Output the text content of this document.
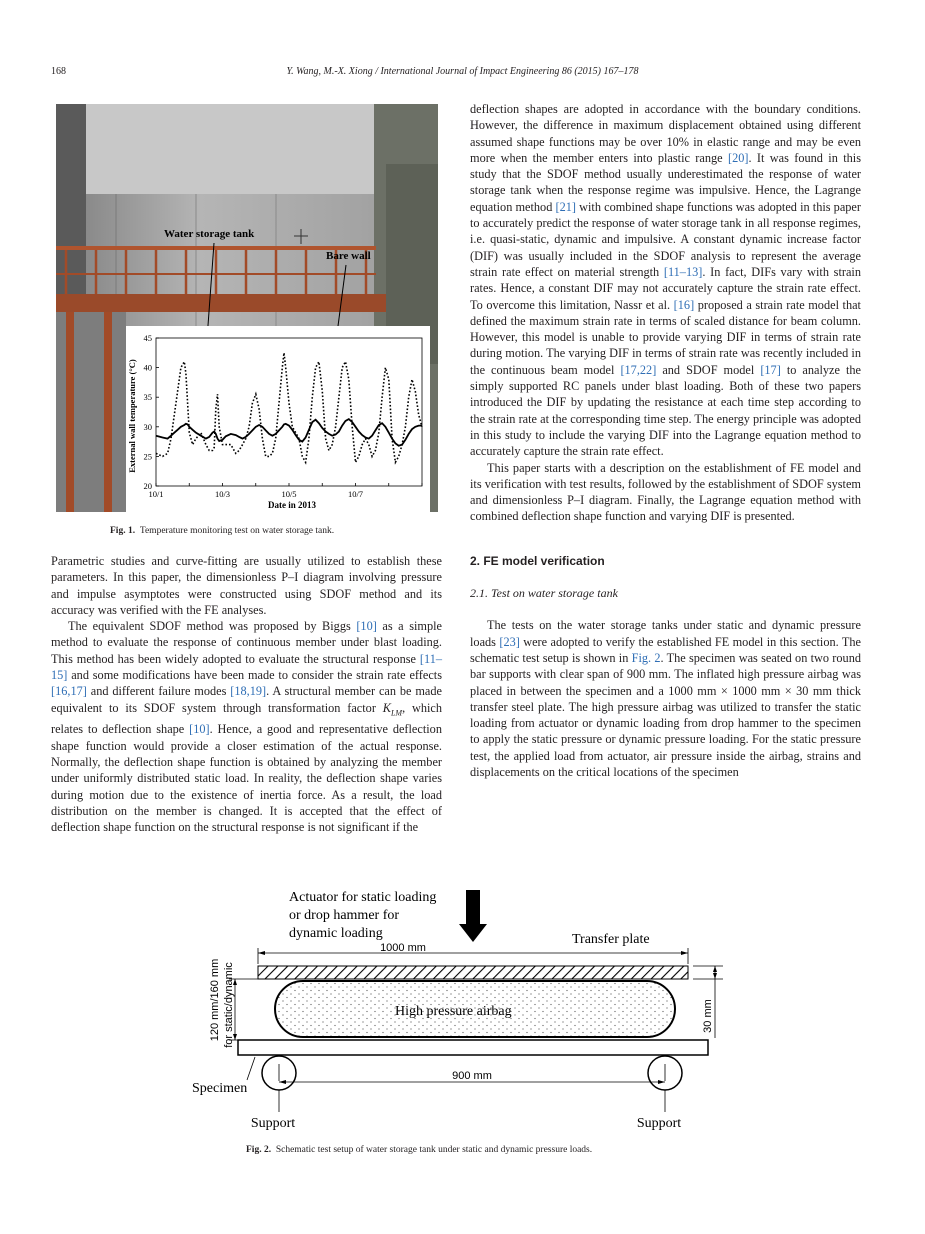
168	Y. Wang, M.-X. Xiong / International Journal of Impact Engineering 86 (2015) 167–178
Water storage tank
Bare wall
External wall temperature (°C)
Date in 2013
20
25
30
35
40
45
10/1	10/3	10/5	10/7
Fig. 1. Temperature monitoring test on water storage tank.

Parametric studies and curve-fitting are usually utilized to establish these parameters. In this paper, the dimensionless P–I diagram involving pressure and impulse asymptotes were constructed using SDOF method and its accuracy was verified with the FE analyses.

The equivalent SDOF method was proposed by Biggs [10] as a simple method to evaluate the response of continuous member under blast loading. This method has been widely adopted to evaluate the structural response [11–15] and some modifications have been made to consider the strain rate effects [16,17] and different failure modes [18,19]. A structural member can be made equivalent to its SDOF system through transformation factor $K_{LM}$, which relates to deflection shape [10]. Hence, a good and representative deflection shape function would provide a closer estimation of the actual response. Normally, the deflection shape function is obtained by analyzing the member under uniformly distributed static load. In reality, the deflection shape varies during motion due to the existence of inertia force. As a result, the load distribution on the member is changed. It is accepted that the effect of deflection shape function on the structural response is not significant if the

deflection shapes are adopted in accordance with the boundary conditions. However, the difference in maximum displacement obtained using different assumed shape functions may be over 10% in elastic range and may be even more when the member enters into plastic range [20]. It was found in this study that the SDOF method usually underestimated the response of water storage tank when the response regime was impulsive. Hence, the Lagrange equation method [21] with combined shape functions was adopted in this paper to accurately predict the response of water storage tank in all response regimes, i.e. quasi-static, dynamic and impulsive. A constant dynamic increase factor (DIF) was usually included in the SDOF analysis to represent the average strain rate effect on material strength [11–13]. In fact, DIFs vary with strain rates. Hence, a constant DIF may not accurately capture the strain rate effect. To overcome this limitation, Nassr et al. [16] proposed a strain rate model that defined the maximum strain rate in terms of scaled distance for beam column. However, this model is unable to provide varying DIF in terms of strain rate during motion. The varying DIF in terms of strain rate was recently included in the continuous beam model [17,22] and SDOF model [17] to analyze the simply supported RC panels under blast loading. Both of these two papers introduced the DIF by updating the resistance at each time step according to the strain rate at the corresponding time step. The energy principle was adopted in this study to include the varying DIF into the Lagrange equation method to accurately capture the strain rate effect.

This paper starts with a description on the establishment of FE model and its verification with test results, followed by the establishment of SDOF system and dimensionless P–I diagram. Finally, the Lagrange equation method with combined deflection shape function and varying DIF is presented.

2. FE model verification

2.1. Test on water storage tank

The tests on the water storage tanks under static and dynamic pressure loads [23] were adopted to verify the established FE model in this section. The schematic test setup is shown in Fig. 2. The specimen was seated on two round bar supports with clear span of 900 mm. The inflated high pressure airbag was placed in between the specimen and a 1000 mm × 1000 mm × 30 mm thick transfer steel plate. The high pressure airbag was utilized to transfer the static loading from actuator or dynamic loading from drop hammer to the specimen to apply the static pressure or dynamic pressure loading. For the static pressure test, the applied load from actuator, air pressure inside the airbag, strains and displacements on the critical locations of the specimen

Actuator for static loading
or drop hammer for
dynamic loading	Transfer plate
1000 mm
High pressure airbag	30 mm
120 mm/160 mm for static/dynamic
900 mm
Specimen
Support	Support
Fig. 2. Schematic test setup of water storage tank under static and dynamic pressure loads.
